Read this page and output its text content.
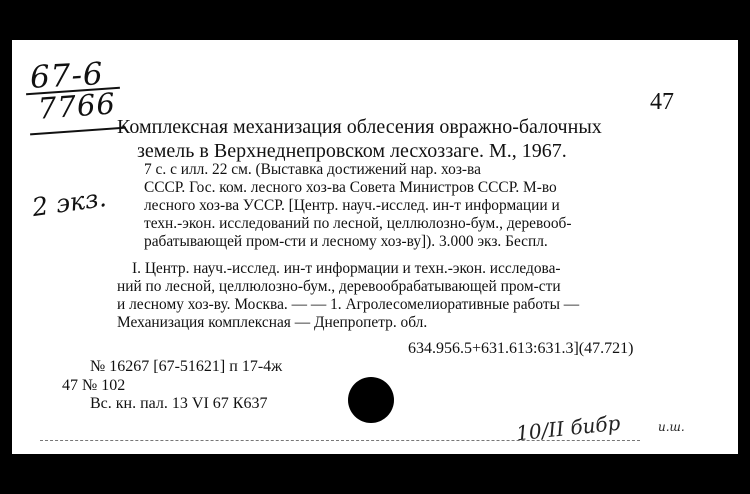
67-6
7766
2 экз.
47
Комплексная механизация облесения овражно-балочных
земель в Верхнеднепровском лесхоззаге. М., 1967.
7 с. с илл. 22 см. (Выставка достижений нар. хоз-ва
СССР. Гос. ком. лесного хоз-ва Совета Министров СССР. М-во
лесного хоз-ва УССР. [Центр. науч.-исслед. ин-т информации и
техн.-экон. исследований по лесной, целлюлозно-бум., деревооб-
рабатывающей пром-сти и лесному хоз-ву]). 3.000 экз. Беспл.
I. Центр. науч.-исслед. ин-т информации и техн.-экон. исследова-
ний по лесной, целлюлозно-бум., деревообрабатывающей пром-сти
и лесному хоз-ву. Москва. — — 1. Агролесомелиоративные работы —
Механизация комплексная — Днепропетр. обл.
634.956.5+631.613:631.3](47.721)
№ 16267 [67-51621] п 17-4ж
47 № 102
Вс. кн. пал. 13 VI 67 К637
10/II бибр	и.ш.
